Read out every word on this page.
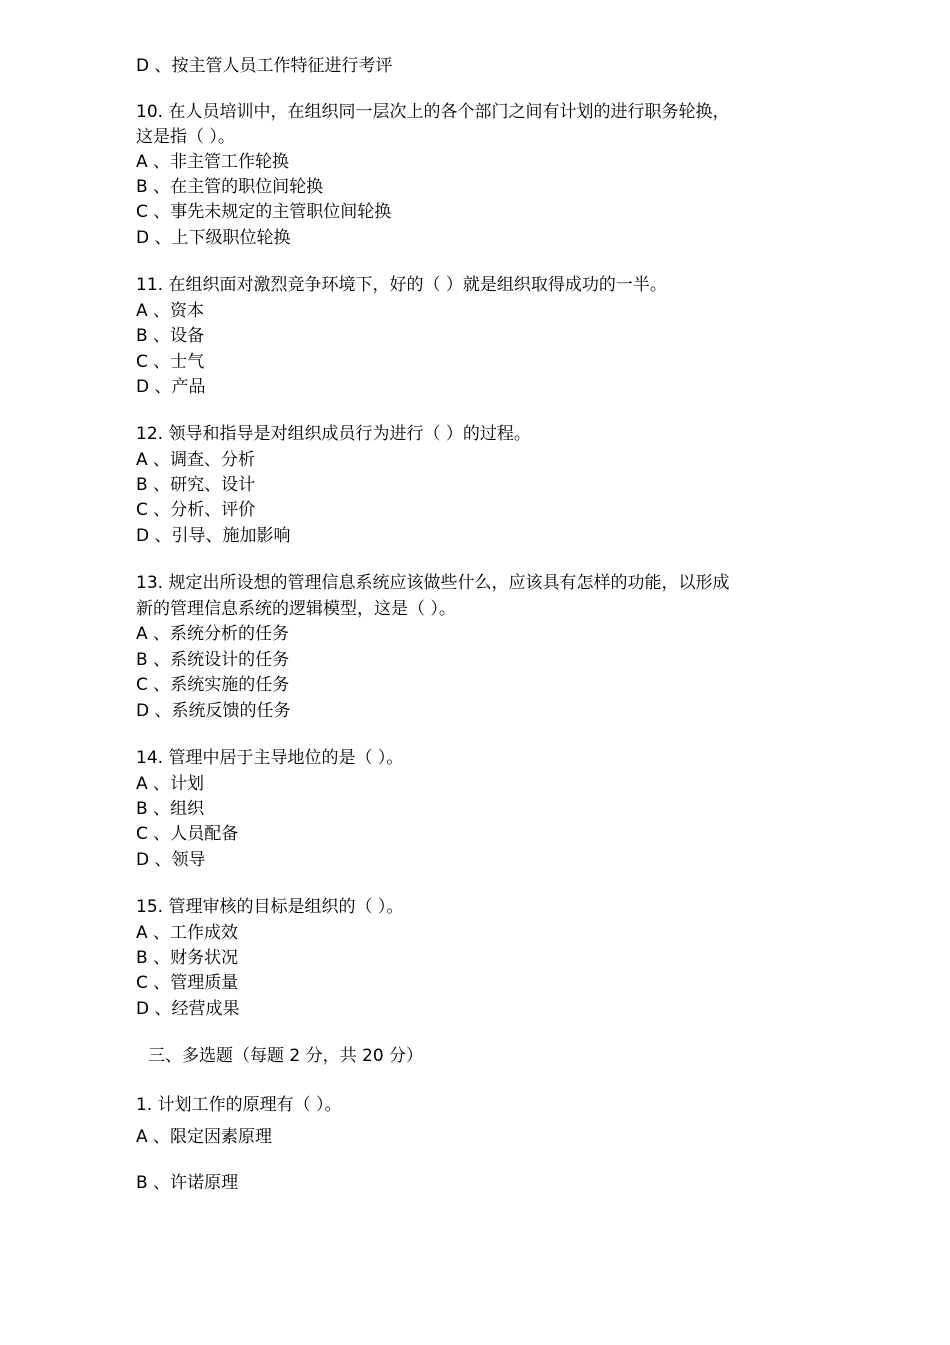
D 、按主管人员工作特征进行考评
10. 在人员培训中，在组织同一层次上的各个部门之间有计划的进行职务轮换，
这是指（ ）。
A 、非主管工作轮换
B 、在主管的职位间轮换
C 、事先未规定的主管职位间轮换
D 、上下级职位轮换
11. 在组织面对激烈竞争环境下，好的（ ）就是组织取得成功的一半。
A 、资本
B 、设备
C 、士气
D 、产品
12. 领导和指导是对组织成员行为进行（ ）的过程。
A 、调查、分析
B 、研究、设计
C 、分析、评价
D 、引导、施加影响
13. 规定出所设想的管理信息系统应该做些什么，应该具有怎样的功能，以形成
新的管理信息系统的逻辑模型，这是（ ）。
A 、系统分析的任务
B 、系统设计的任务
C 、系统实施的任务
D 、系统反馈的任务
14. 管理中居于主导地位的是（ ）。
A 、计划
B 、组织
C 、人员配备
D 、领导
15. 管理审核的目标是组织的（ ）。
A 、工作成效
B 、财务状况
C 、管理质量
D 、经营成果
三、多选题（每题 2 分，共 20 分）
1. 计划工作的原理有（ ）。
A 、限定因素原理
B 、许诺原理
